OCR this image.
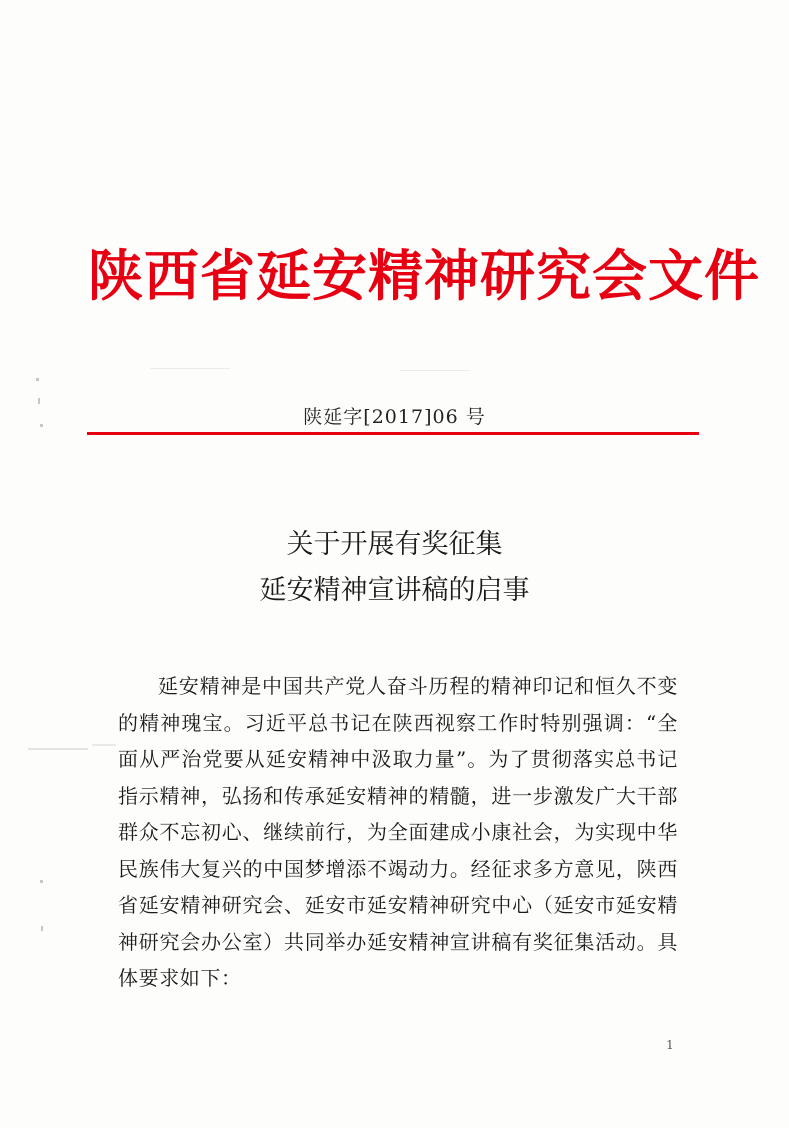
陕西省延安精神研究会文件
陕延字[2017]06 号
关于开展有奖征集
延安精神宣讲稿的启事

延安精神是中国共产党人奋斗历程的精神印记和恒久不变的精神瑰宝。习近平总书记在陕西视察工作时特别强调：“全面从严治党要从延安精神中汲取力量”。为了贯彻落实总书记指示精神，弘扬和传承延安精神的精髓，进一步激发广大干部群众不忘初心、继续前行，为全面建成小康社会，为实现中华民族伟大复兴的中国梦增添不竭动力。经征求多方意见，陕西省延安精神研究会、延安市延安精神研究中心（延安市延安精神研究会办公室）共同举办延安精神宣讲稿有奖征集活动。具体要求如下：

1
